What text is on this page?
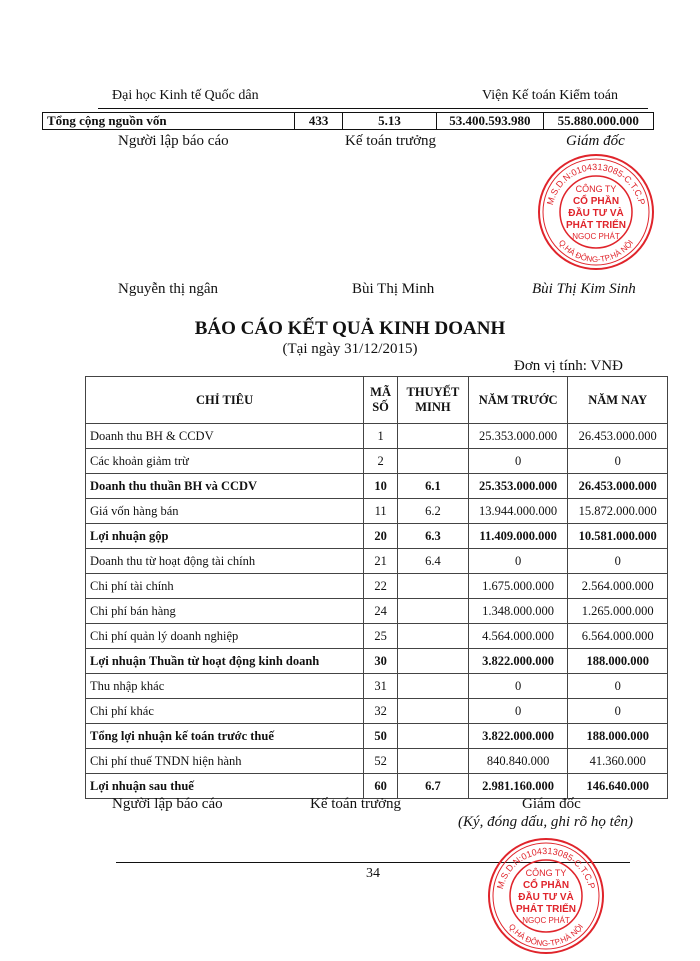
Đại học Kinh tế Quốc dân	Viện Kế toán Kiểm toán
Tổng cộng nguồn vốn	433	5.13	53.400.593.980	55.880.000.000
Người lập báo cáo	Kế toán trưởng	Giám đốc
M.S.D.N:0104313085-C.T.C.P
Q.HÀ ĐÔNG-TP.HÀ NỘI
CÔNG TY
CỔ PHẦN
ĐẦU TƯ VÀ
PHÁT TRIỂN
NGỌC PHÁT
Nguyễn thị ngân	Bùi Thị Minh	Bùi Thị Kim Sinh
BÁO CÁO KẾT QUẢ KINH DOANH
(Tại ngày 31/12/2015)
Đơn vị tính: VNĐ
CHỈ TIÊU	MÃ SỐ	THUYẾT MINH	NĂM TRƯỚC	NĂM NAY
Doanh thu BH & CCDV	1		25.353.000.000	26.453.000.000
Các khoản giảm trừ	2		0	0
Doanh thu thuần BH và CCDV	10	6.1	25.353.000.000	26.453.000.000
Giá vốn hàng bán	11	6.2	13.944.000.000	15.872.000.000
Lợi nhuận gộp	20	6.3	11.409.000.000	10.581.000.000
Doanh thu từ hoạt động tài chính	21	6.4	0	0
Chi phí tài chính	22		1.675.000.000	2.564.000.000
Chi phí bán hàng	24		1.348.000.000	1.265.000.000
Chi phí quản lý doanh nghiệp	25		4.564.000.000	6.564.000.000
Lợi nhuận Thuần từ hoạt động kinh doanh	30		3.822.000.000	188.000.000
Thu nhập khác	31		0	0
Chi phí khác	32		0	0
Tổng lợi nhuận kế toán trước thuế	50		3.822.000.000	188.000.000
Chi phí thuế TNDN hiện hành	52		840.840.000	41.360.000
Lợi nhuận sau thuế	60	6.7	2.981.160.000	146.640.000
Người lập báo cáo	Kế toán trưởng	Giám đốc
(Ký, đóng dấu, ghi rõ họ tên)
34
M.S.D.N:0104313085-C.T.C.P
Q.HÀ ĐÔNG-TP.HÀ NỘI
CÔNG TY
CỔ PHẦN
ĐẦU TƯ VÀ
PHÁT TRIỂN
NGỌC PHÁT
